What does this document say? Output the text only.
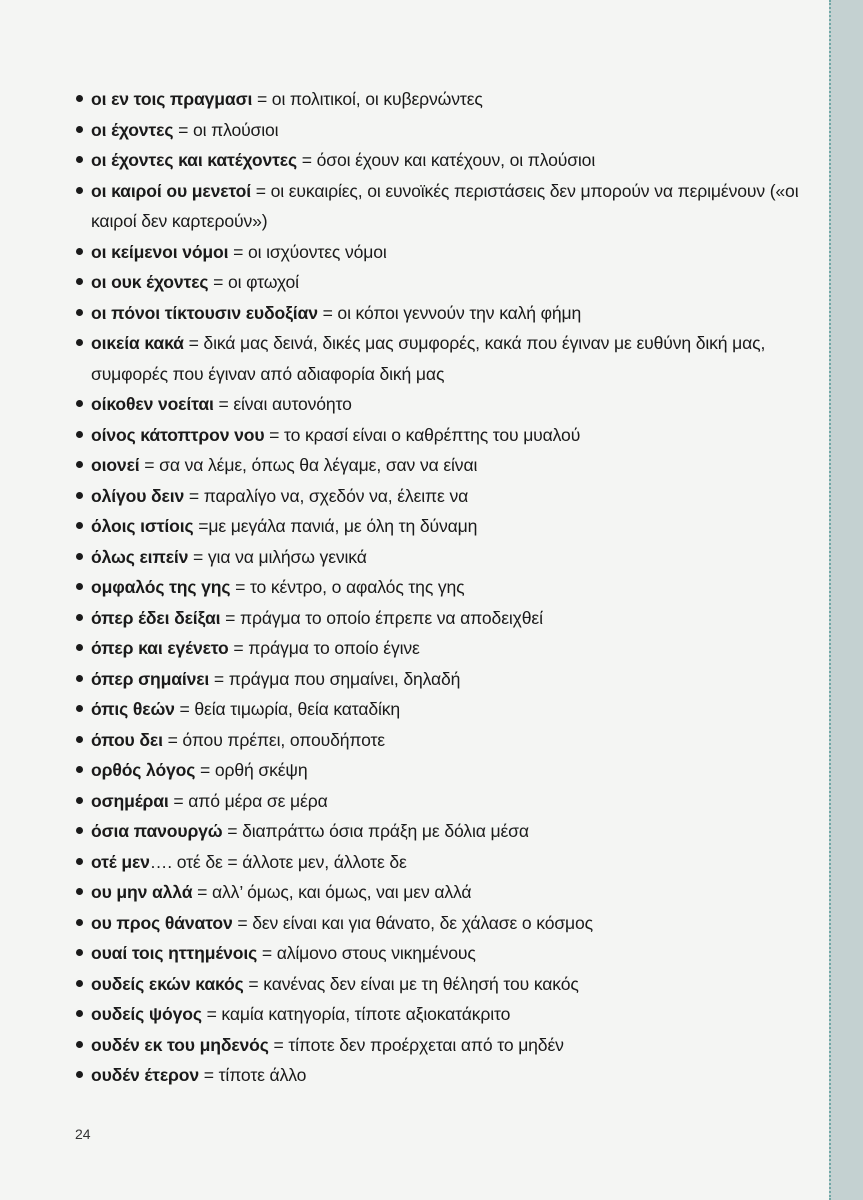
οι εν τοις πραγμασι = οι πολιτικοί, οι κυβερνώντες
οι έχοντες = οι πλούσιοι
οι έχοντες και κατέχοντες = όσοι έχουν και κατέχουν, οι πλούσιοι
οι καιροί ου μενετοί = οι ευκαιρίες, οι ευνοϊκές περιστάσεις δεν μπορούν να περιμένουν («οι καιροί δεν καρτερούν»)
οι κείμενοι νόμοι = οι ισχύοντες νόμοι
οι ουκ έχοντες = οι φτωχοί
οι πόνοι τίκτουσιν ευδοξίαν = οι κόποι γεννούν την καλή φήμη
οικεία κακά = δικά μας δεινά, δικές μας συμφορές, κακά που έγιναν με ευθύνη δική μας, συμφορές που έγιναν από αδιαφορία δική μας
οίκοθεν νοείται = είναι αυτονόητο
οίνος κάτοπτρον νου = το κρασί είναι ο καθρέπτης του μυαλού
οιονεί = σα να λέμε, όπως θα λέγαμε, σαν να είναι
ολίγου δειν = παραλίγο να, σχεδόν να, έλειπε να
όλοις ιστίοις =με μεγάλα πανιά, με όλη τη δύναμη
όλως ειπείν = για να μιλήσω γενικά
ομφαλός της γης = το κέντρο, ο αφαλός της γης
όπερ έδει δείξαι = πράγμα το οποίο έπρεπε να αποδειχθεί
όπερ και εγένετο = πράγμα το οποίο έγινε
όπερ σημαίνει = πράγμα που σημαίνει, δηλαδή
όπις θεών = θεία τιμωρία, θεία καταδίκη
όπου δει = όπου πρέπει, οπουδήποτε
ορθός λόγος = ορθή σκέψη
οσημέραι = από μέρα σε μέρα
όσια πανουργώ = διαπράττω όσια πράξη με δόλια μέσα
οτέ μεν…. οτέ δε = άλλοτε μεν, άλλοτε δε
ου μην αλλά = αλλ’ όμως, και όμως, ναι μεν αλλά
ου προς θάνατον = δεν είναι και για θάνατο, δε χάλασε ο κόσμος
ουαί τοις ηττημένοις = αλίμονο στους νικημένους
ουδείς εκών κακός = κανένας δεν είναι με τη θέλησή του κακός
ουδείς ψόγος = καμία κατηγορία, τίποτε αξιοκατάκριτο
ουδέν εκ του μηδενός = τίποτε δεν προέρχεται από το μηδέν
ουδέν έτερον = τίποτε άλλο
24
